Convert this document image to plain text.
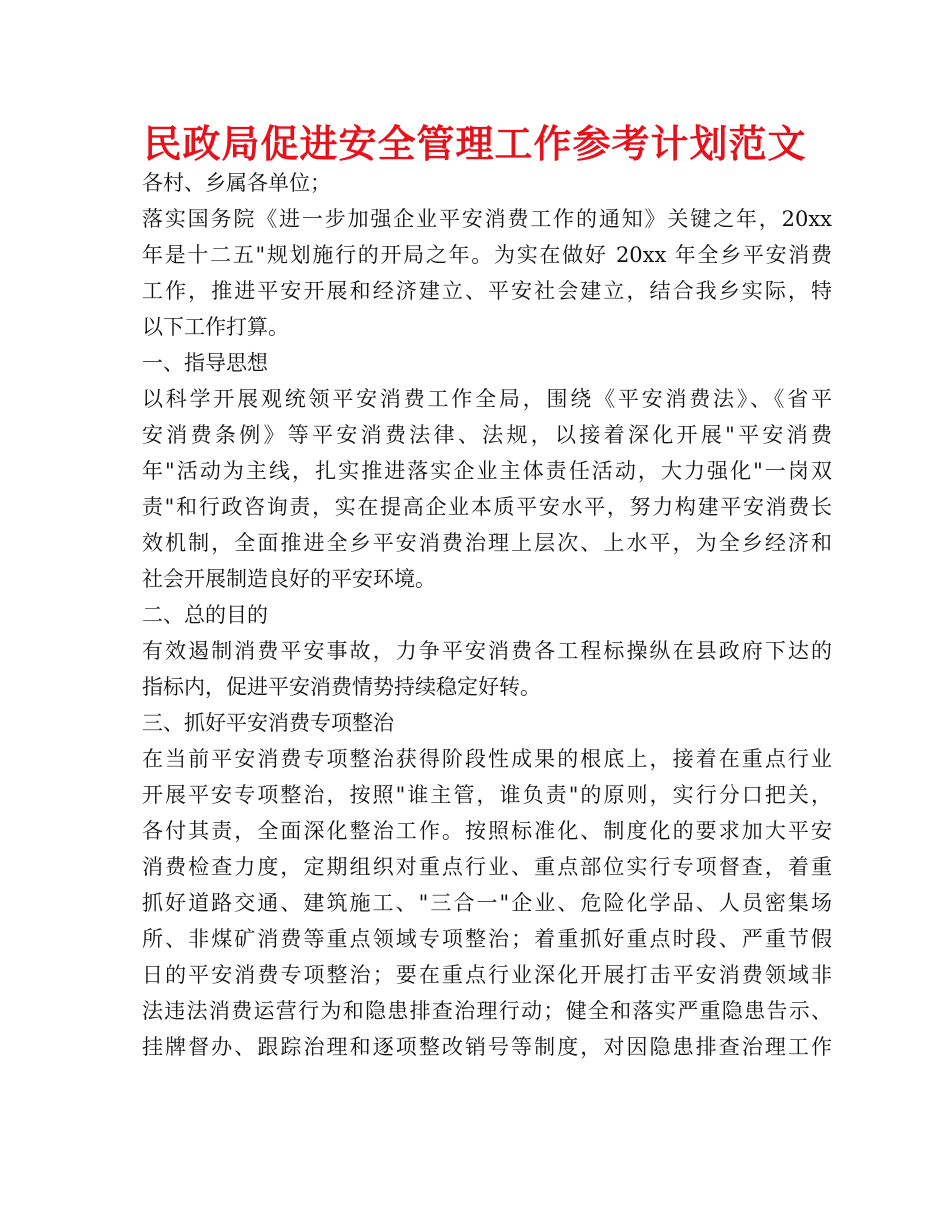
民政局促进安全管理工作参考计划范文

各村、乡属各单位；

落实国务院《进一步加强企业平安消费工作的通知》关键之年，20xx

年是十二五"规划施行的开局之年。为实在做好 20xx 年全乡平安消费

工作，推进平安开展和经济建立、平安社会建立，结合我乡实际，特

以下工作打算。

一、指导思想

以科学开展观统领平安消费工作全局，围绕《平安消费法》、《省平

安消费条例》等平安消费法律、法规，以接着深化开展"平安消费

年"活动为主线，扎实推进落实企业主体责任活动，大力强化"一岗双

责"和行政咨询责，实在提高企业本质平安水平，努力构建平安消费长

效机制，全面推进全乡平安消费治理上层次、上水平，为全乡经济和

社会开展制造良好的平安环境。

二、总的目的

有效遏制消费平安事故，力争平安消费各工程标操纵在县政府下达的

指标内，促进平安消费情势持续稳定好转。

三、抓好平安消费专项整治

在当前平安消费专项整治获得阶段性成果的根底上，接着在重点行业

开展平安专项整治，按照"谁主管，谁负责"的原则，实行分口把关，

各付其责，全面深化整治工作。按照标准化、制度化的要求加大平安

消费检查力度，定期组织对重点行业、重点部位实行专项督查，着重

抓好道路交通、建筑施工、"三合一"企业、危险化学品、人员密集场

所、非煤矿消费等重点领域专项整治；着重抓好重点时段、严重节假

日的平安消费专项整治；要在重点行业深化开展打击平安消费领域非

法违法消费运营行为和隐患排查治理行动；健全和落实严重隐患告示、

挂牌督办、跟踪治理和逐项整改销号等制度，对因隐患排查治理工作
